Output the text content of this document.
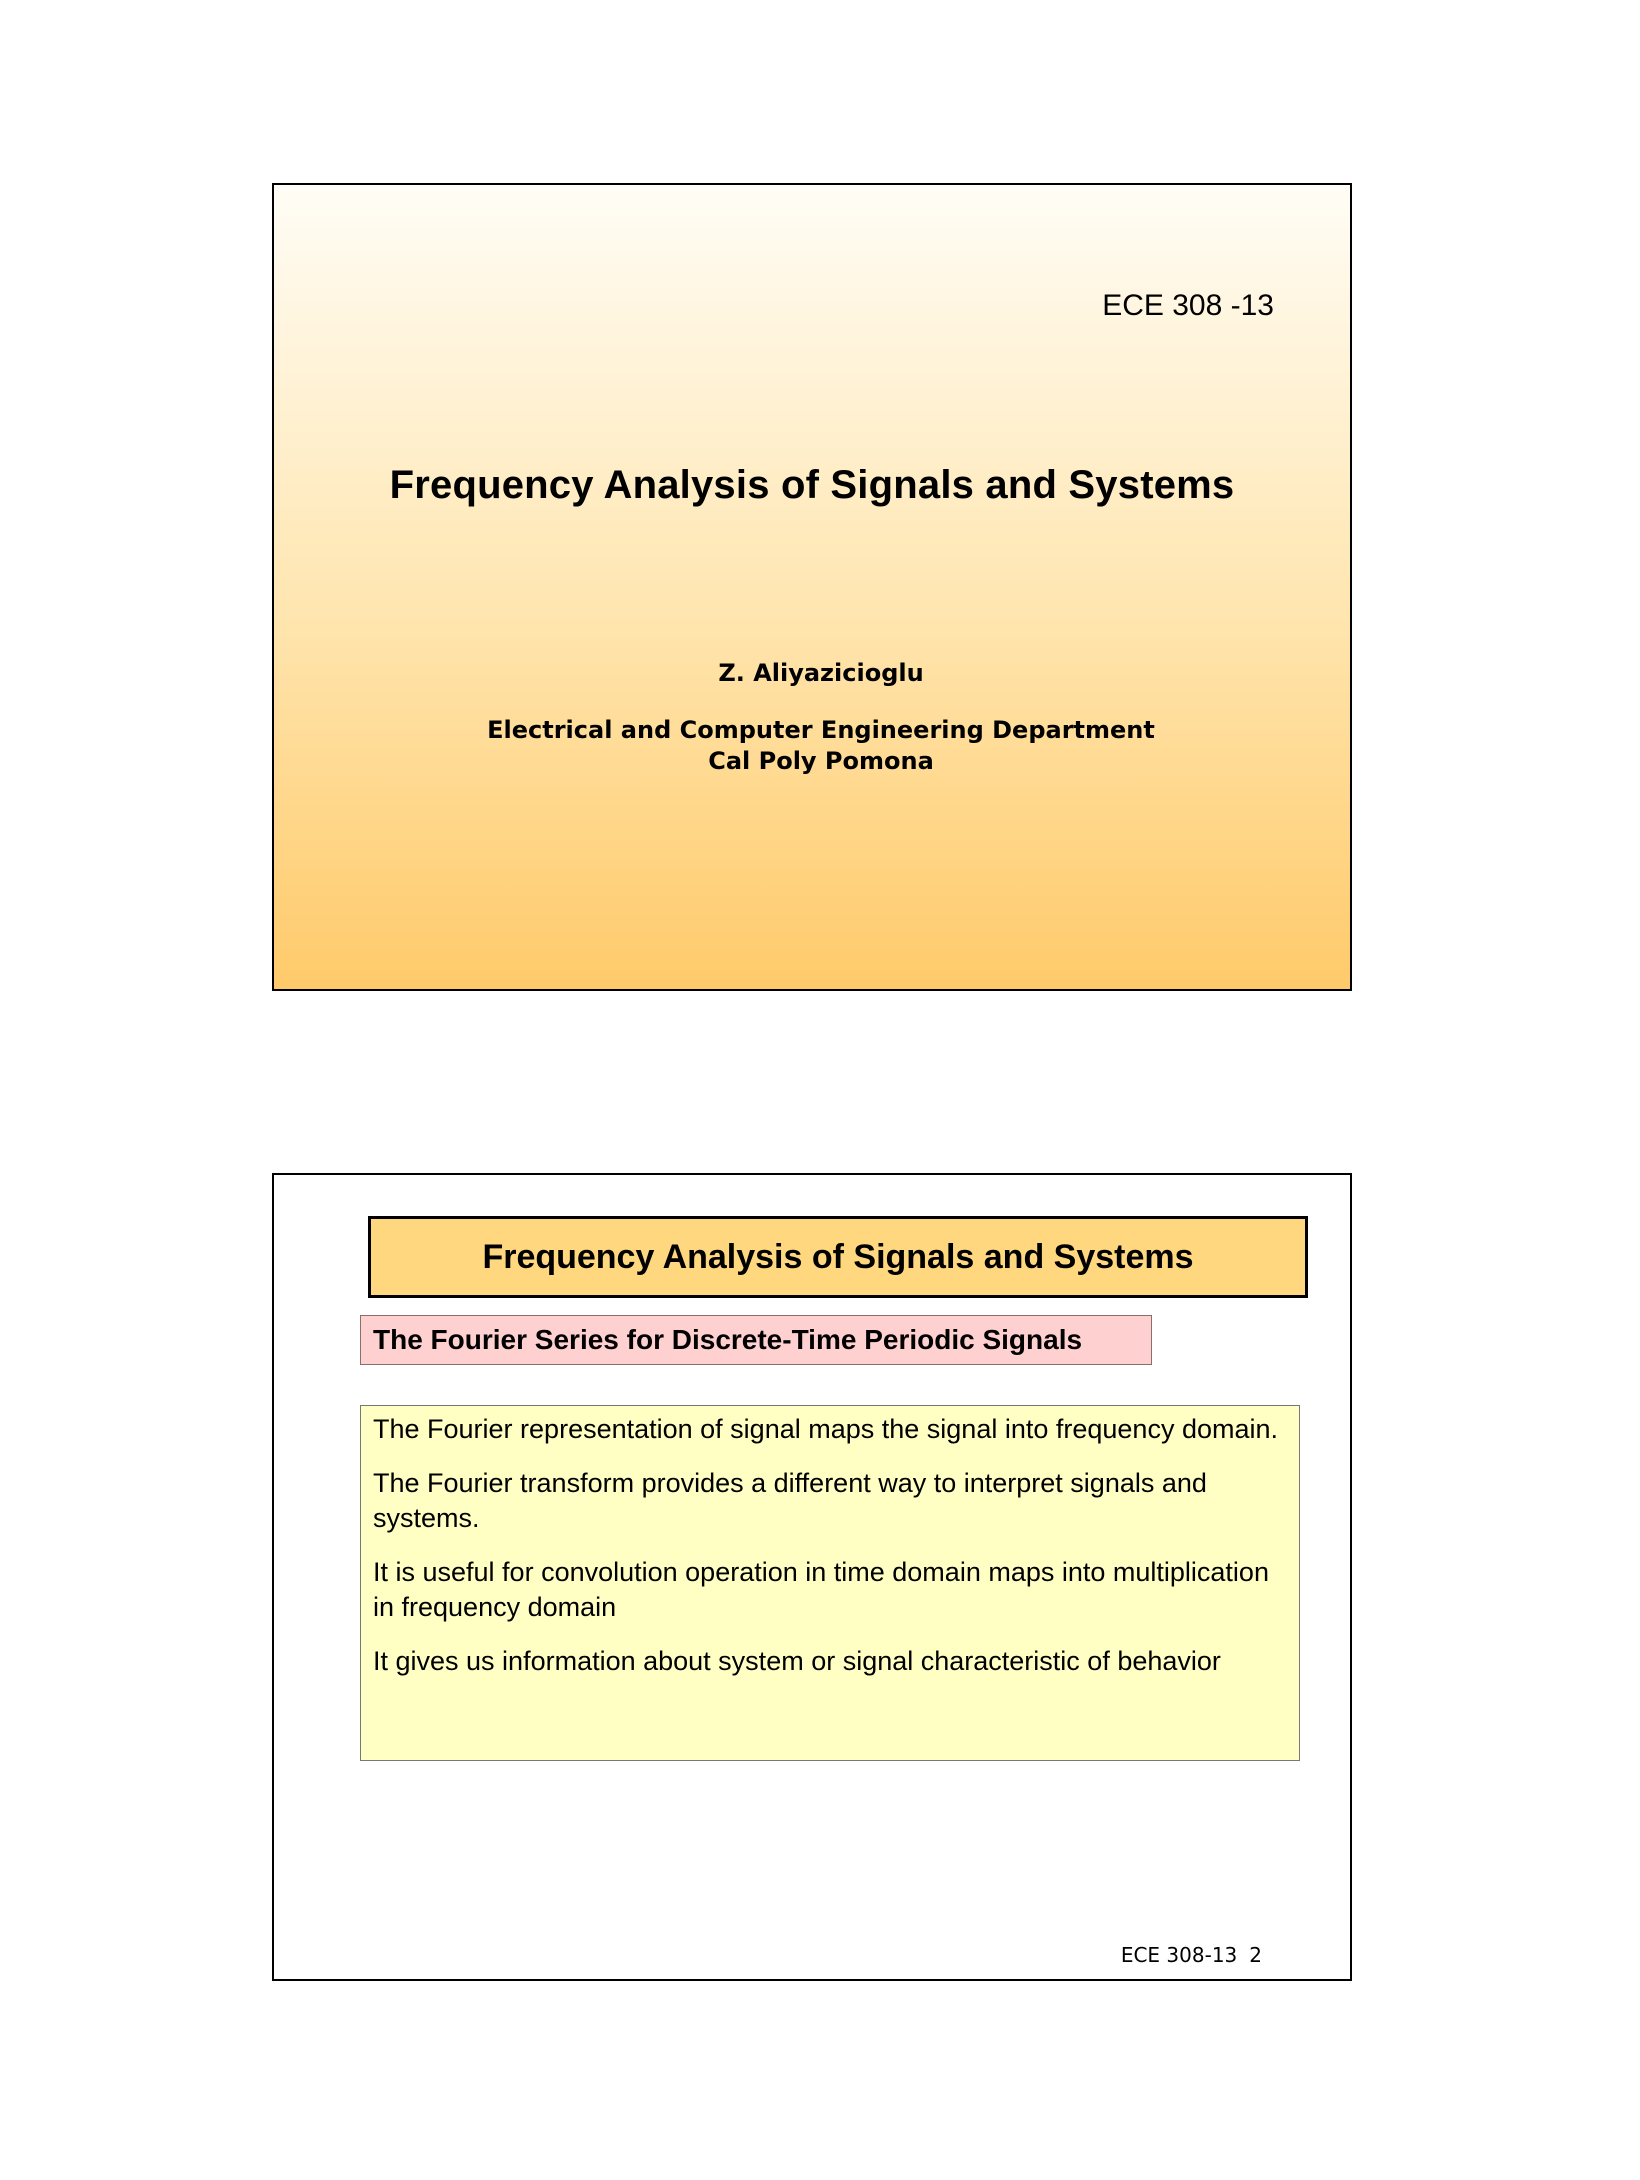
ECE 308 -13
Frequency Analysis of Signals and Systems
Z. Aliyazicioglu
Electrical and Computer Engineering Department
Cal Poly Pomona
Frequency Analysis of Signals and Systems
The Fourier Series for Discrete-Time Periodic Signals

The Fourier representation of signal maps the signal into frequency domain.

The Fourier transform provides a different way to interpret signals and systems.

It is useful for convolution operation in time domain maps into multiplication in frequency domain

It gives us information about system or signal characteristic of behavior

ECE 308-13 2
